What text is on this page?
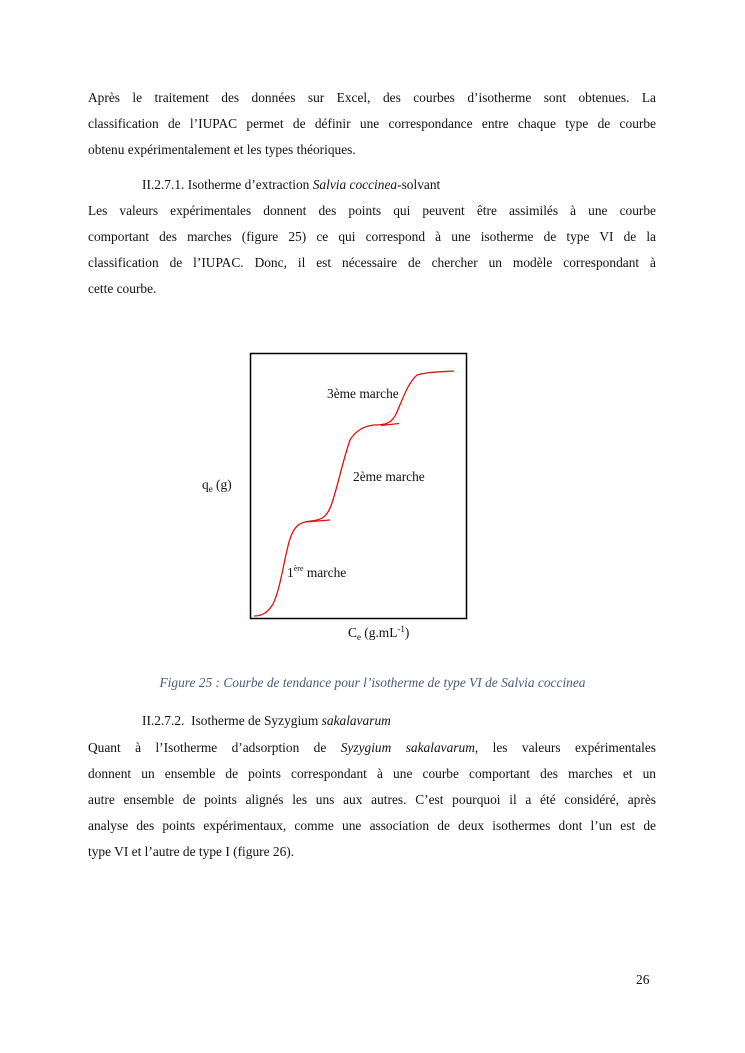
Après le traitement des données sur Excel, des courbes d’isotherme sont obtenues. La
classification de l’IUPAC permet de définir une correspondance entre chaque type de courbe
obtenu expérimentalement et les types théoriques.

II.2.7.1. Isotherme d’extraction Salvia coccinea-solvant

Les valeurs expérimentales donnent des points qui peuvent être assimilés à une courbe
comportant des marches (figure 25) ce qui correspond à une isotherme de type VI de la
classification de l’IUPAC. Donc, il est nécessaire de chercher un modèle correspondant à
cette courbe.
3ème marche
2ème marche
1ère marche
$q_e$ (g)
$C_e$ $(g.mL^{-1})$

Figure 25 : Courbe de tendance pour l’isotherme de type VI de Salvia coccinea

II.2.7.2. Isotherme de Syzygium sakalavarum

Quant à l’Isotherme d’adsorption de Syzygium sakalavarum, les valeurs expérimentales
donnent un ensemble de points correspondant à une courbe comportant des marches et un
autre ensemble de points alignés les uns aux autres. C’est pourquoi il a été considéré, après
analyse des points expérimentaux, comme une association de deux isothermes dont l’un est de
type VI et l’autre de type I (figure 26).
26
